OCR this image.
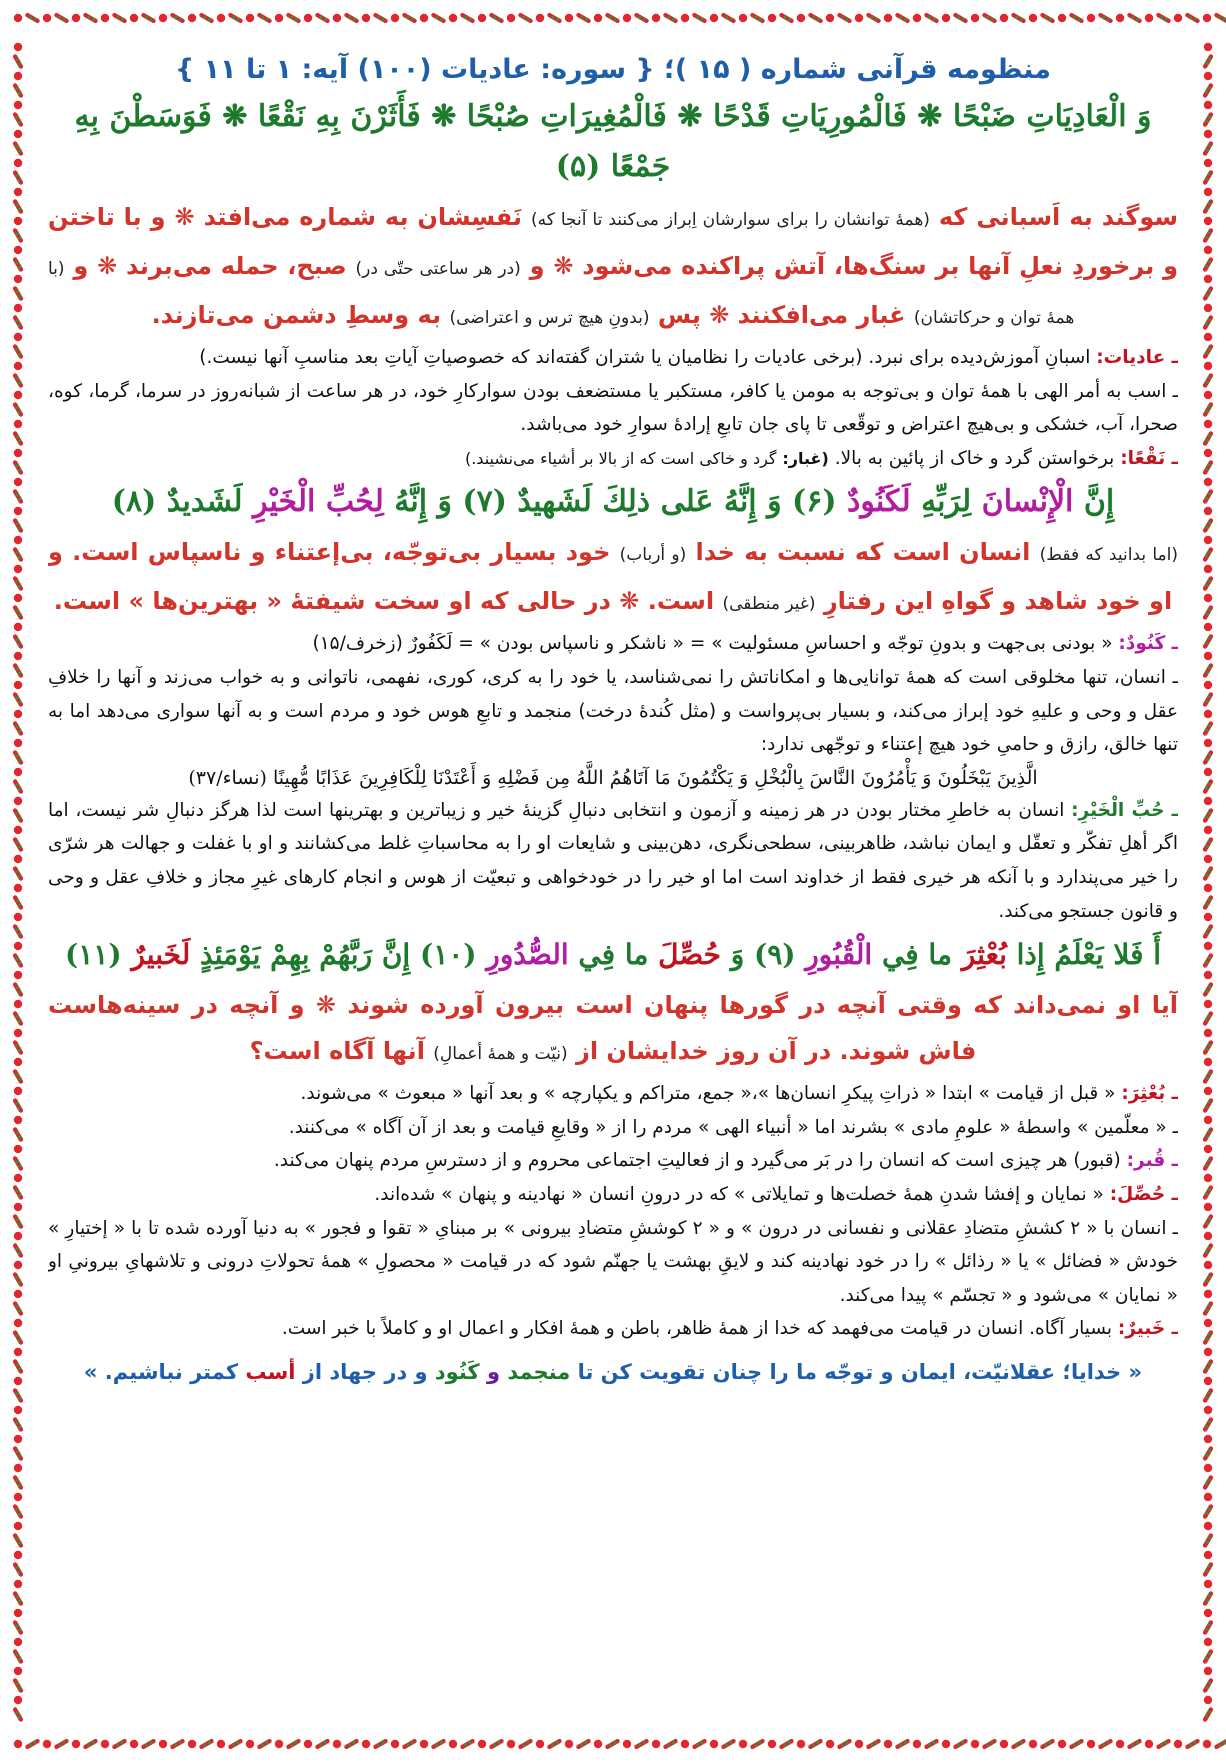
منظومه قرآنی شماره ( ۱۵ )؛ { سوره: عادیات (۱۰۰) آیه: ۱ تا ۱۱ }
وَ الْعَادِيَاتِ ضَبْحًا ❋ فَالْمُورِيَاتِ قَدْحًا ❋ فَالْمُغِيرَاتِ صُبْحًا ❋ فَأَثَرْنَ بِهِ نَقْعًا ❋ فَوَسَطْنَ بِهِ جَمْعًا (۵)

سوگند به اَسبانی که (همهٔ توانشان را برای سوارشان اِبراز می‌کنند تا آنجا که) نَفسِشان به شماره می‌افتد ❋ و با تاختن و برخوردِ نعلِ آنها بر سنگ‌ها، آتش پراکنده می‌شود ❋ و (در هر ساعتی حتّی در) صبح، حمله می‌برند ❋ و (با همهٔ توان و حرکاتشان) غبار می‌افکنند ❋ پس (بدونِ هیچ ترس و اعتراضی) به وسطِ دشمن می‌تازند.

ـ عادیات: اسبانِ آموزش‌دیده برای نبرد. (برخی عادیات را نظامیان یا شتران گفته‌اند که خصوصیاتِ آیاتِ بعد مناسبِ آنها نیست.)

ـ اسب به أمر الهی با همهٔ توان و بی‌توجه به مومن یا کافر، مستکبر یا مستضعف بودن سوارکارِ خود، در هر ساعت از شبانه‌روز در سرما، گرما، کوه، صحرا، آب، خشکی و بی‌هیچ اعتراض و توقّعی تا پای جان تابعِ إرادهٔ سوارِ خود می‌باشد.

ـ نَقْعًا: برخواستن گرد و خاک از پائین به بالا. (غبار: گرد و خاکی است که از بالا بر أشیاء می‌نشیند.)

إِنَّ الْإِنْسانَ لِرَبِّهِ لَكَنُودٌ (۶) وَ إِنَّهُ عَلى ذلِكَ لَشَهيدٌ (۷) وَ إِنَّهُ لِحُبِّ الْخَيْرِ لَشَديدٌ (۸)

(اما بدانید که فقط) انسان است که نسبت به خدا (و أرباب) خود بسیار بی‌توجّه، بی‌إعتناء و ناسپاس است. و او خود شاهد و گواهِ این رفتارِ (غیر منطقی) است. ❋ در حالی که او سخت شیفتهٔ « بهترین‌ها » است.

ـ کَنُودٌ: « بودنی بی‌جهت و بدونِ توجّه و احساسِ مسئولیت » = « ناشکر و ناسپاس بودن » = لَكَفُورٌ (زخرف/۱۵)

ـ انسان، تنها مخلوقی است که همهٔ توانایی‌ها و امکاناتش را نمی‌شناسد، یا خود را به کری، کوری، نفهمی، ناتوانی و به خواب می‌زند و آنها را خلافِ عقل و وحی و علیهِ خود إبراز می‌کند، و بسیار بی‌پرواست و (مثل کُندهٔ درخت) منجمد و تابعِ هوس خود و مردم است و به آنها سواری می‌دهد اما به تنها خالق، رازق و حامیِ خود هیچ إعتناء و توجّهی ندارد:

الَّذِينَ يَبْخَلُونَ وَ يَأْمُرُونَ النَّاسَ بِالْبُخْلِ وَ يَكْتُمُونَ مَا آتَاهُمُ اللَّهُ مِن فَضْلِهِ وَ أَعْتَدْنَا لِلْكَافِرِينَ عَذَابًا مُّهِينًا (نساء/۳۷)

ـ حُبِّ الْخَيْرِ: انسان به خاطرِ مختار بودن در هر زمینه و آزمون و انتخابی دنبالِ گزینهٔ خیر و زیباترین و بهترینها است لذا هرگز دنبالِ شر نیست، اما اگر أهلِ تفکّر و تعقّل و ایمان نباشد، ظاهربینی، سطحی‌نگری، دهن‌بینی و شایعات او را به محاسباتِ غلط می‌کشانند و او با غفلت و جهالت هر شرّی را خیر می‌پندارد و با آنکه هر خیری فقط از خداوند است اما او خیر را در خودخواهی و تبعیّت از هوس و انجام کارهای غیرِ مجاز و خلافِ عقل و وحی و قانون جستجو می‌کند.

أَ فَلا يَعْلَمُ إِذا بُعْثِرَ ما فِي الْقُبُورِ (۹) وَ حُصِّلَ ما فِي الصُّدُورِ (۱۰) إِنَّ رَبَّهُمْ بِهِمْ يَوْمَئِذٍ لَخَبيرٌ (۱۱)

آیا او نمی‌داند که وقتی آنچه در گورها پنهان است بیرون آورده شوند ❋ و آنچه در سینه‌هاست فاش شوند. در آن روز خدایشان از (نیّت و همهٔ أعمالِ) آنها آگاه است؟

ـ بُعْثِرَ: « قبل از قیامت » ابتدا « ذراتِ پیکرِ انسان‌ها »،« جمع، متراکم و یکپارچه » و بعد آنها « مبعوث » می‌شوند.

ـ « معلّمین » واسطهٔ « علومِ مادی » بشرند اما « أنبیاء الهی » مردم را از « وقایعِ قیامت و بعد از آن آگاه » می‌کنند.

ـ قُبر: (قبور) هر چیزی است که انسان را در بَر می‌گیرد و از فعالیتِ اجتماعی محروم و از دسترسِ مردم پنهان می‌کند.

ـ حُصِّلَ: « نمایان و إفشا شدنِ همهٔ خصلت‌ها و تمایلاتی » که در درونِ انسان « نهادینه و پنهان » شده‌اند.

ـ انسان با « ۲ کششِ متضادِ عقلانی و نفسانی در درون » و « ۲ کوششِ متضادِ بیرونی » بر مبنایِ « تقوا و فجور » به دنیا آورده شده تا با « إختیارِ » خودش « فضائل » یا « رذائل » را در خود نهادینه کند و لایقِ بهشت یا جهنّم شود که در قیامت « محصولِ » همهٔ تحولاتِ درونی و تلاشهایِ بیرونیِ او « نمایان » می‌شود و « تجسّم » پیدا می‌کند.

ـ خَبیرٌ: بسیار آگاه. انسان در قیامت می‌فهمد که خدا از همهٔ ظاهر، باطن و همهٔ افکار و اعمال او و کاملاً با خبر است.

« خدایا؛ عقلانیّت، ایمان و توجّه ما را چنان تقویت کن تا منجمد و کَنُود و در جهاد از أسب کمتر نباشیم. »
